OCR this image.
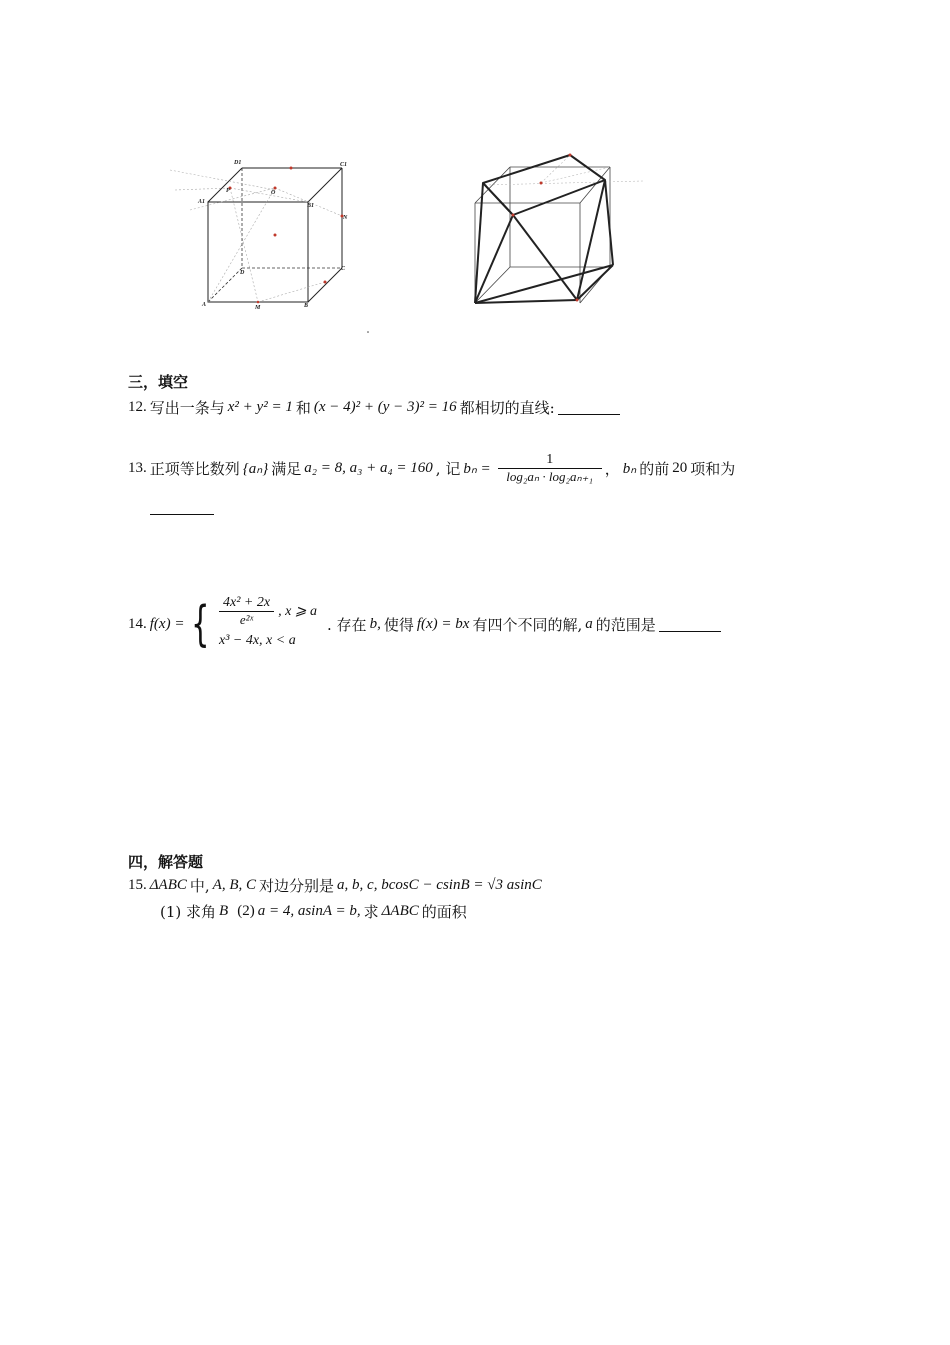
D1	C1
A1
B1
P	O
N
D
C
A	M	B
三，填空
12. 写出一条与 x² + y² = 1 和 (x − 4)² + (y − 3)² = 16 都相切的直线:
13. 正项等比数列 {aₙ} 满足 a₂ = 8, a₃ + a₄ = 160 , 记 $b_n = \frac{1}{\text{log₂aₙ · log₂aₙ₊₁}}$ ， bₙ 的前 20 项和为
14. f(x) = { $\frac{\text{4x² + 2x}}{\text{e²ˣ}}$ , x ⩾ a
x³ − 4x, x < a
. 存在 b, 使得 f(x) = bx 有四个不同的解, a 的范围是
四，解答题
15. ΔABC 中, A, B, C 对边分别是 a, b, c, bcosC − csinB = √3 asinC
(1) 求角 B (2) a = 4, asinA = b, 求 ΔABC 的面积
